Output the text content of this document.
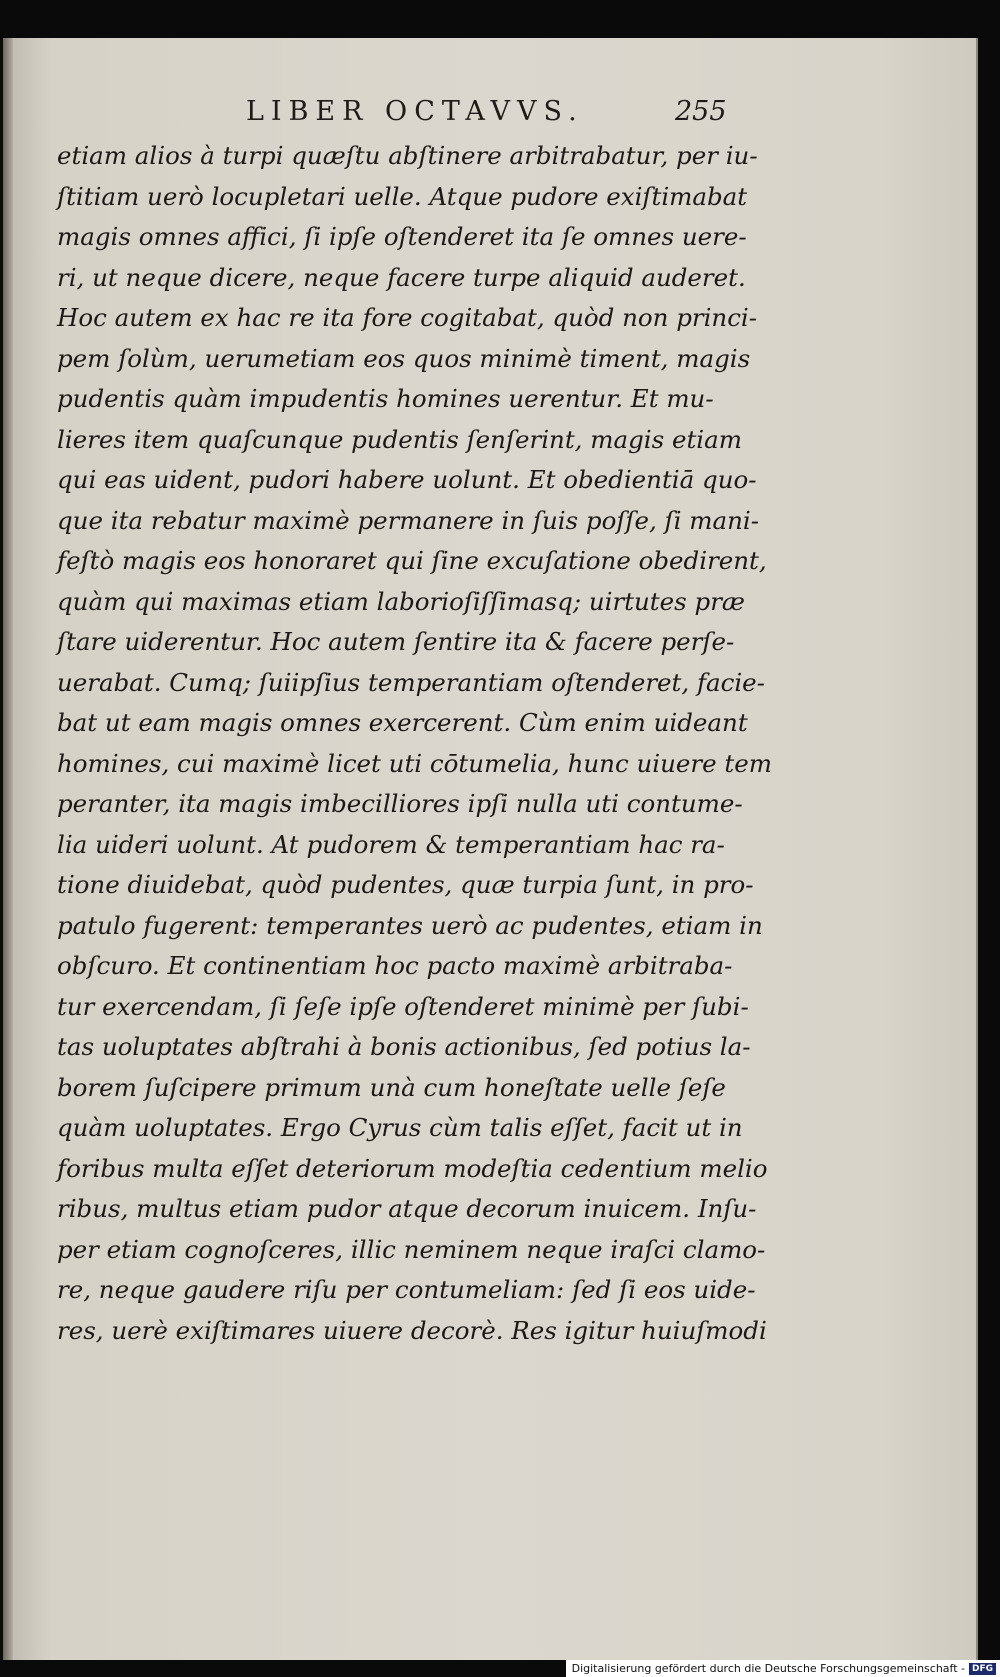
LIBER OCTAVVS.	255
etiam alios à turpi quæſtu abſtinere arbitrabatur, per iu-
ſtitiam uerò locupletari uelle. Atque pudore exiſtimabat
magis omnes affici, ſi ipſe oſtenderet ita ſe omnes uere-
ri, ut neque dicere, neque facere turpe aliquid auderet.
Hoc autem ex hac re ita fore cogitabat, quòd non princi-
pem ſolùm, uerumetiam eos quos minimè timent, magis
pudentis quàm impudentis homines uerentur. Et mu-
lieres item quaſcunque pudentis ſenſerint, magis etiam
qui eas uident, pudori habere uolunt. Et obedientiā quo-
que ita rebatur maximè permanere in ſuis poſſe, ſi mani-
feſtò magis eos honoraret qui ſine excuſatione obedirent,
quàm qui maximas etiam laborioſiſſimasq; uirtutes præ
ſtare uiderentur. Hoc autem ſentire ita & facere perſe-
uerabat. Cumq; ſuiipſius temperantiam oſtenderet, facie-
bat ut eam magis omnes exercerent. Cùm enim uideant
homines, cui maximè licet uti cōtumelia, hunc uiuere tem
peranter, ita magis imbecilliores ipſi nulla uti contume-
lia uideri uolunt. At pudorem & temperantiam hac ra-
tione diuidebat, quòd pudentes, quæ turpia ſunt, in pro-
patulo fugerent: temperantes uerò ac pudentes, etiam in
obſcuro. Et continentiam hoc pacto maximè arbitraba-
tur exercendam, ſi ſeſe ipſe oſtenderet minimè per ſubi-
tas uoluptates abſtrahi à bonis actionibus, ſed potius la-
borem ſuſcipere primum unà cum honeſtate uelle ſeſe
quàm uoluptates. Ergo Cyrus cùm talis eſſet, facit ut in
foribus multa eſſet deteriorum modeſtia cedentium melio
ribus, multus etiam pudor atque decorum inuicem. Inſu-
per etiam cognoſceres, illic neminem neque iraſci clamo-
re, neque gaudere riſu per contumeliam: ſed ſi eos uide-
res, uerè exiſtimares uiuere decorè. Res igitur huiuſmodi
Digitalisierung gefördert durch die Deutsche Forschungsgemeinschaft - DFG
